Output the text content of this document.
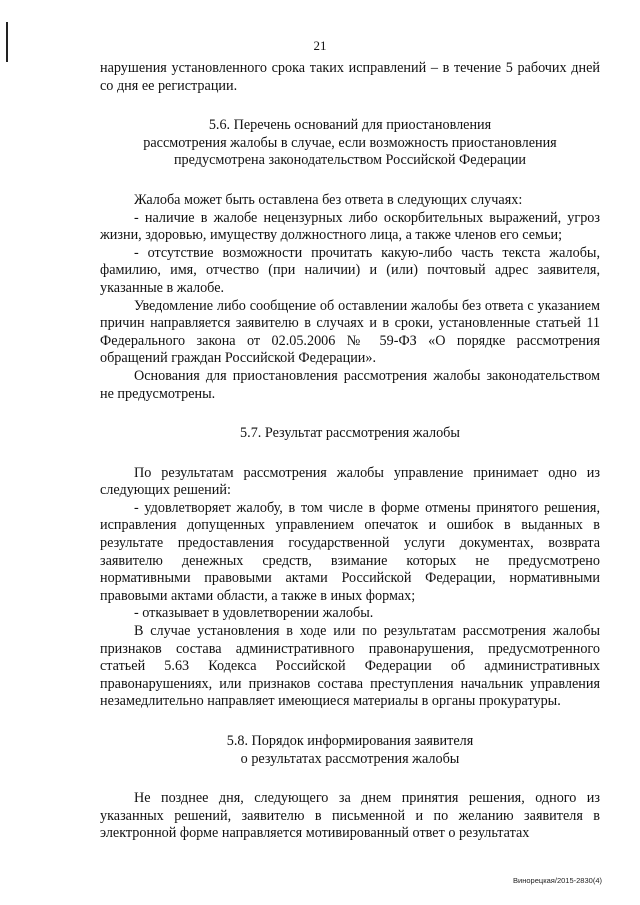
21

нарушения установленного срока таких исправлений – в течение 5 рабочих дней со дня ее регистрации.

5.6. Перечень оснований для приостановления

рассмотрения жалобы в случае, если возможность приостановления

предусмотрена законодательством Российской Федерации

Жалоба может быть оставлена без ответа в следующих случаях:

- наличие в жалобе нецензурных либо оскорбительных выражений, угроз жизни, здоровью, имуществу должностного лица, а также членов его семьи;

- отсутствие возможности прочитать какую-либо часть текста жалобы, фамилию, имя, отчество (при наличии) и (или) почтовый адрес заявителя, указанные в жалобе.

Уведомление либо сообщение об оставлении жалобы без ответа с указанием причин направляется заявителю в случаях и в сроки, установленные статьей 11 Федерального закона от 02.05.2006 № 59-ФЗ «О порядке рассмотрения обращений граждан Российской Федерации».

Основания для приостановления рассмотрения жалобы законодательством не предусмотрены.

5.7. Результат рассмотрения жалобы

По результатам рассмотрения жалобы управление принимает одно из следующих решений:

- удовлетворяет жалобу, в том числе в форме отмены принятого решения, исправления допущенных управлением опечаток и ошибок в выданных в результате предоставления государственной услуги документах, возврата заявителю денежных средств, взимание которых не предусмотрено нормативными правовыми актами Российской Федерации, нормативными правовыми актами области, а также в иных формах;

- отказывает в удовлетворении жалобы.

В случае установления в ходе или по результатам рассмотрения жалобы признаков состава административного правонарушения, предусмотренного статьей 5.63 Кодекса Российской Федерации об административных правонарушениях, или признаков состава преступления начальник управления незамедлительно направляет имеющиеся материалы в органы прокуратуры.

5.8. Порядок информирования заявителя

о результатах рассмотрения жалобы

Не позднее дня, следующего за днем принятия решения, одного из указанных решений, заявителю в письменной и по желанию заявителя в электронной форме направляется мотивированный ответ о результатах

Винорецкая/2015-2830(4)
